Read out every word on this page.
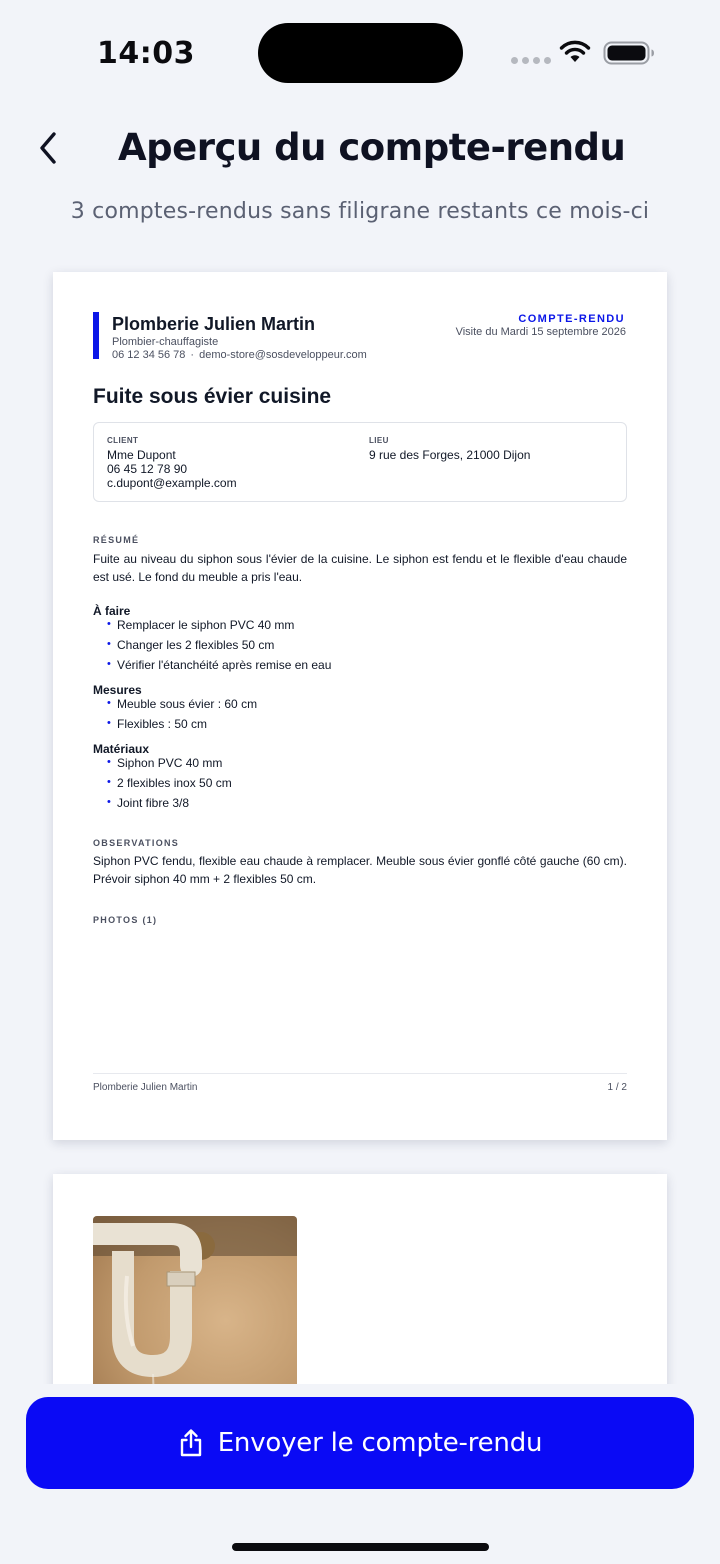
14:03
Aperçu du compte-rendu
3 comptes-rendus sans filigrane restants ce mois-ci
Plomberie Julien Martin
Plombier-chauffagiste
06 12 34 56 78 · demo-store@sosdeveloppeur.com
COMPTE-RENDU
Visite du Mardi 15 septembre 2026
Fuite sous évier cuisine
CLIENT
Mme Dupont
06 45 12 78 90
c.dupont@example.com
LIEU
9 rue des Forges, 21000 Dijon
RÉSUMÉ
Fuite au niveau du siphon sous l'évier de la cuisine. Le siphon est fendu et le flexible d'eau chaude est usé. Le fond du meuble a pris l'eau.
À faire
• Remplacer le siphon PVC 40 mm
• Changer les 2 flexibles 50 cm
• Vérifier l'étanchéité après remise en eau
Mesures
• Meuble sous évier : 60 cm
• Flexibles : 50 cm
Matériaux
• Siphon PVC 40 mm
• 2 flexibles inox 50 cm
• Joint fibre 3/8
OBSERVATIONS
Siphon PVC fendu, flexible eau chaude à remplacer. Meuble sous évier gonflé côté gauche (60 cm). Prévoir siphon 40 mm + 2 flexibles 50 cm.
PHOTOS (1)
Plomberie Julien Martin	1 / 2
Envoyer le compte-rendu
